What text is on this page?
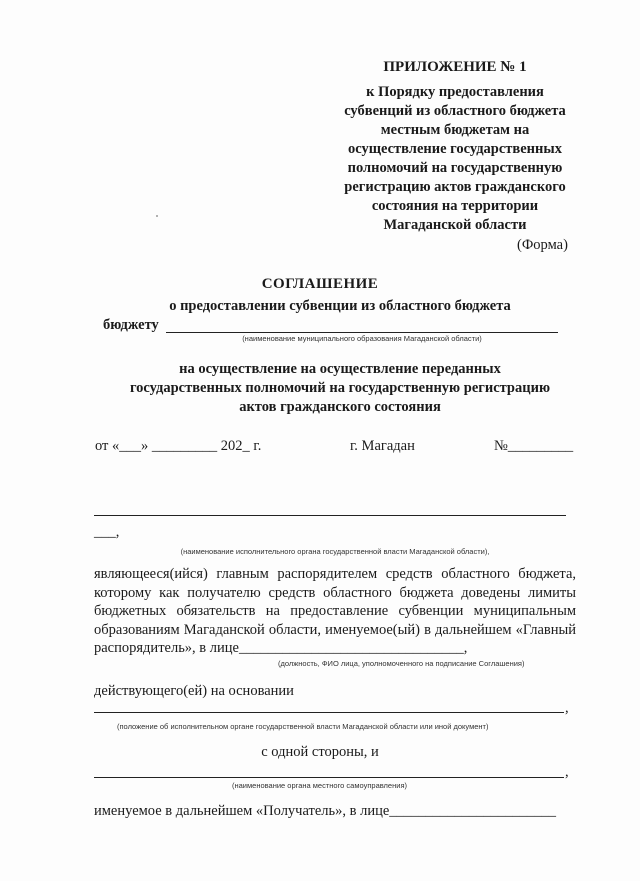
ПРИЛОЖЕНИЕ № 1
к Порядку предоставления
субвенций из областного бюджета
местным бюджетам на
осуществление государственных
полномочий на государственную
регистрацию актов гражданского
состояния на территории
Магаданской области
(Форма)
СОГЛАШЕНИЕ
о предоставлении субвенции из областного бюджета
бюджету
(наименование муниципального образования Магаданской области)
на осуществление на осуществление переданных
государственных полномочий на государственную регистрацию
актов гражданского состояния
от «___» _________ 202_ г.	г. Магадан	№_________
___,
(наименование исполнительного органа государственной власти Магаданской области),
являющееся(ийся) главным распорядителем средств областного бюджета, которому как получателю средств областного бюджета доведены лимиты бюджетных обязательств на предоставление субвенции муниципальным образованиям Магаданской области, именуемое(ый) в дальнейшем «Главный распорядитель», в лице_______________________________,
(должность, ФИО лица, уполномоченного на подписание Соглашения)
действующего(ей) на основании
,
(положение об исполнительном органе государственной власти Магаданской области или иной документ)
с одной стороны, и
,
(наименование органа местного самоуправления)
именуемое в дальнейшем «Получатель», в лице_______________________
